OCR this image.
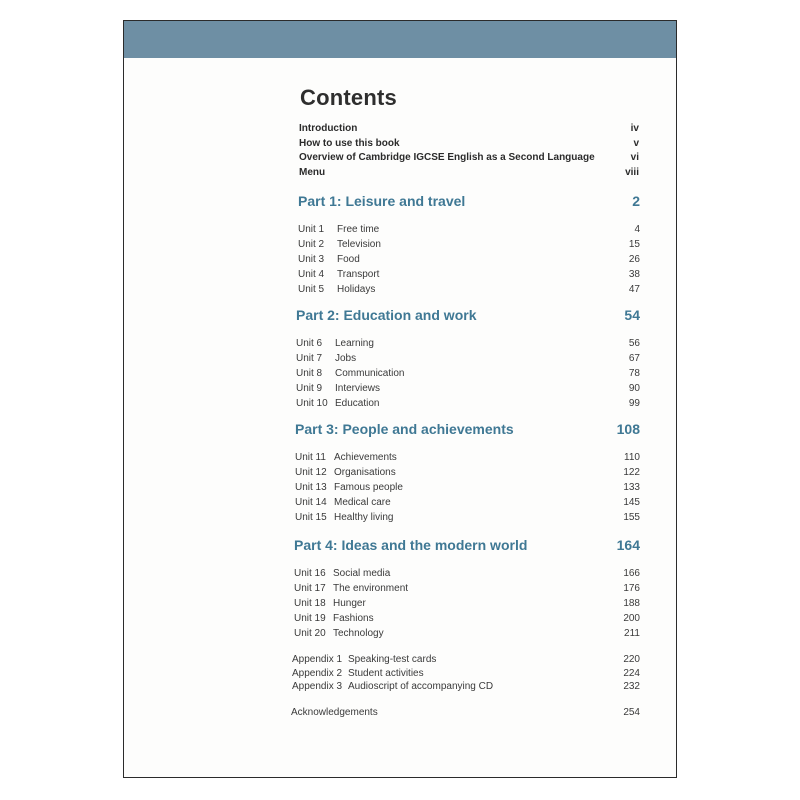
Contents
Introduction	iv
How to use this book	v
Overview of Cambridge IGCSE English as a Second Language	vi
Menu	viii
Part 1: Leisure and travel	2
Unit 1	Free time	4
Unit 2	Television	15
Unit 3	Food	26
Unit 4	Transport	38
Unit 5	Holidays	47
Part 2: Education and work	54
Unit 6	Learning	56
Unit 7	Jobs	67
Unit 8	Communication	78
Unit 9	Interviews	90
Unit 10 Education	99
Part 3: People and achievements	108
Unit 11 Achievements	110
Unit 12 Organisations	122
Unit 13 Famous people	133
Unit 14 Medical care	145
Unit 15 Healthy living	155
Part 4: Ideas and the modern world	164
Unit 16 Social media	166
Unit 17 The environment	176
Unit 18 Hunger	188
Unit 19 Fashions	200
Unit 20 Technology	211
Appendix 1 Speaking-test cards	220
Appendix 2 Student activities	224
Appendix 3 Audioscript of accompanying CD	232
Acknowledgements	254
